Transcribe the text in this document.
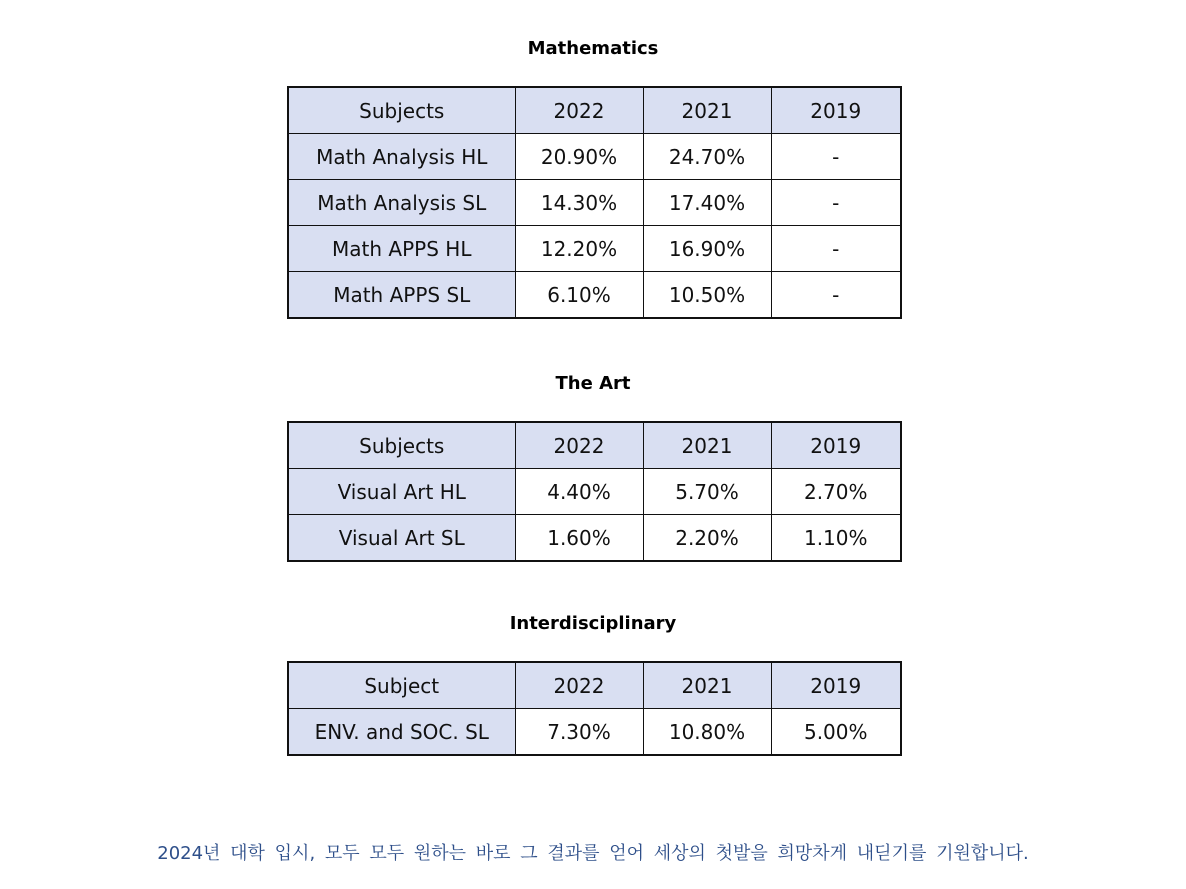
Mathematics
Subjects	2022	2021	2019
Math Analysis HL	20.90%	24.70%	-
Math Analysis SL	14.30%	17.40%	-
Math APPS HL	12.20%	16.90%	-
Math APPS SL	6.10%	10.50%	-
The Art
Subjects	2022	2021	2019
Visual Art HL	4.40%	5.70%	2.70%
Visual Art SL	1.60%	2.20%	1.10%
Interdisciplinary
Subject	2022	2021	2019
ENV. and SOC. SL	7.30%	10.80%	5.00%
2024년 대학 입시, 모두 모두 원하는 바로 그 결과를 얻어 세상의 첫발을 희망차게 내딛기를 기원합니다.
